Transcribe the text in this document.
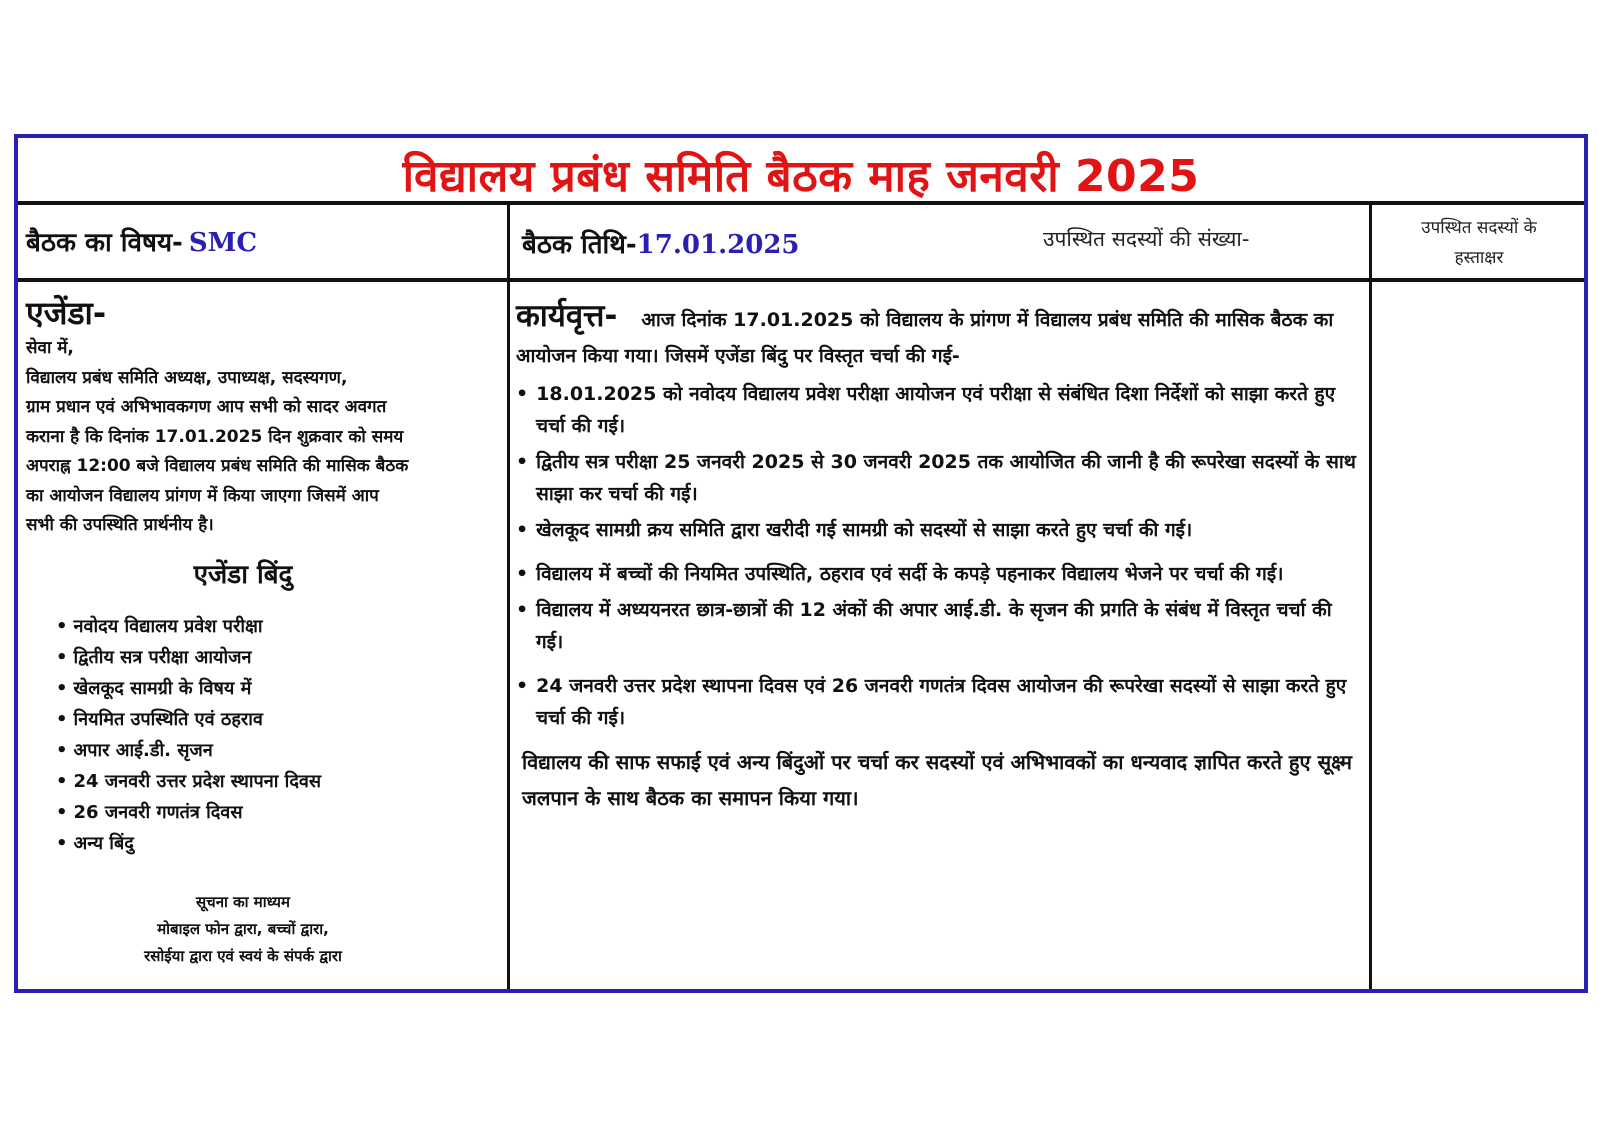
विद्यालय प्रबंध समिति बैठक माह जनवरी 2025
बैठक का विषय- SMC	बैठक तिथि-17.01.2025	उपस्थित सदस्यों की संख्या-	उपस्थित सदस्यों के
हस्ताक्षर
एजेंडा-
सेवा में,
विद्यालय प्रबंध समिति अध्यक्ष, उपाध्यक्ष, सदस्यगण,
ग्राम प्रधान एवं अभिभावकगण आप सभी को सादर अवगत
कराना है कि दिनांक 17.01.2025 दिन शुक्रवार को समय
अपराह्न 12:00 बजे विद्यालय प्रबंध समिति की मासिक बैठक
का आयोजन विद्यालय प्रांगण में किया जाएगा जिसमें आप
सभी की उपस्थिति प्रार्थनीय है।
एजेंडा बिंदु
• नवोदय विद्यालय प्रवेश परीक्षा
• द्वितीय सत्र परीक्षा आयोजन
• खेलकूद सामग्री के विषय में
• नियमित उपस्थिति एवं ठहराव
• अपार आई.डी. सृजन
• 24 जनवरी उत्तर प्रदेश स्थापना दिवस
• 26 जनवरी गणतंत्र दिवस
• अन्य बिंदु
सूचना का माध्यम
मोबाइल फोन द्वारा, बच्चों द्वारा,
रसोईया द्वारा एवं स्वयं के संपर्क द्वारा
कार्यवृत्त- आज दिनांक 17.01.2025 को विद्यालय के प्रांगण में विद्यालय प्रबंध समिति की मासिक बैठक का आयोजन किया गया। जिसमें एजेंडा बिंदु पर विस्तृत चर्चा की गई-
• 18.01.2025 को नवोदय विद्यालय प्रवेश परीक्षा आयोजन एवं परीक्षा से संबंधित दिशा निर्देशों को साझा करते हुए चर्चा की गई।
• द्वितीय सत्र परीक्षा 25 जनवरी 2025 से 30 जनवरी 2025 तक आयोजित की जानी है की रूपरेखा सदस्यों के साथ साझा कर चर्चा की गई।
• खेलकूद सामग्री क्रय समिति द्वारा खरीदी गई सामग्री को सदस्यों से साझा करते हुए चर्चा की गई।
• विद्यालय में बच्चों की नियमित उपस्थिति, ठहराव एवं सर्दी के कपड़े पहनाकर विद्यालय भेजने पर चर्चा की गई।
• विद्यालय में अध्ययनरत छात्र-छात्रों की 12 अंकों की अपार आई.डी. के सृजन की प्रगति के संबंध में विस्तृत चर्चा की गई।
• 24 जनवरी उत्तर प्रदेश स्थापना दिवस एवं 26 जनवरी गणतंत्र दिवस आयोजन की रूपरेखा सदस्यों से साझा करते हुए चर्चा की गई।
विद्यालय की साफ सफाई एवं अन्य बिंदुओं पर चर्चा कर सदस्यों एवं अभिभावकों का धन्यवाद ज्ञापित करते हुए सूक्ष्म जलपान के साथ बैठक का समापन किया गया।
